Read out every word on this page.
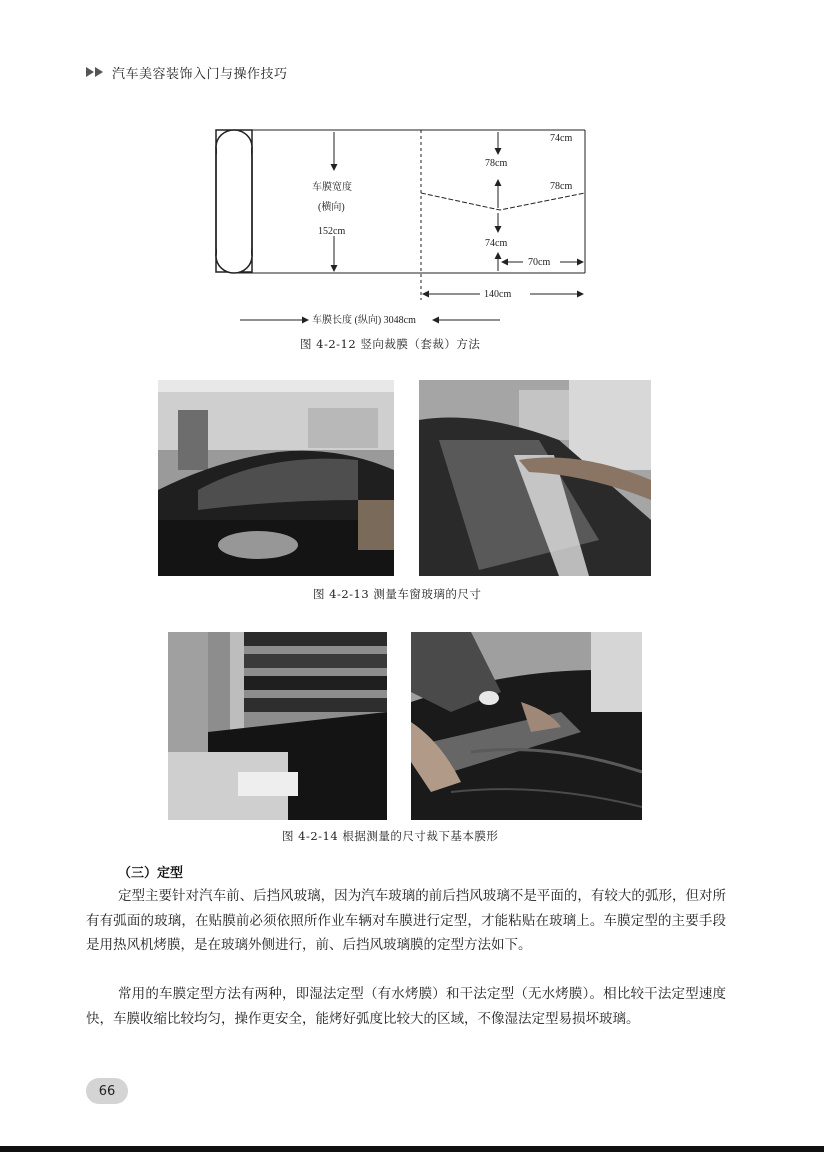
汽车美容装饰入门与操作技巧
车膜宽度
(横向)
152cm
74cm
78cm
78cm
74cm
70cm
140cm
车膜长度 (纵向) 3048cm
图 4-2-12 竖向裁膜（套裁）方法
图 4-2-13 测量车窗玻璃的尺寸
图 4-2-14 根据测量的尺寸裁下基本膜形
（三）定型
定型主要针对汽车前、后挡风玻璃，因为汽车玻璃的前后挡风玻璃不是平面的，有较大的弧形，但对所有有弧面的玻璃，在贴膜前必须依照所作业车辆对车膜进行定型，才能粘贴在玻璃上。车膜定型的主要手段是用热风机烤膜，是在玻璃外侧进行，前、后挡风玻璃膜的定型方法如下。
常用的车膜定型方法有两种，即湿法定型（有水烤膜）和干法定型（无水烤膜）。相比较干法定型速度快，车膜收缩比较均匀，操作更安全，能烤好弧度比较大的区域，不像湿法定型易损坏玻璃。
66
